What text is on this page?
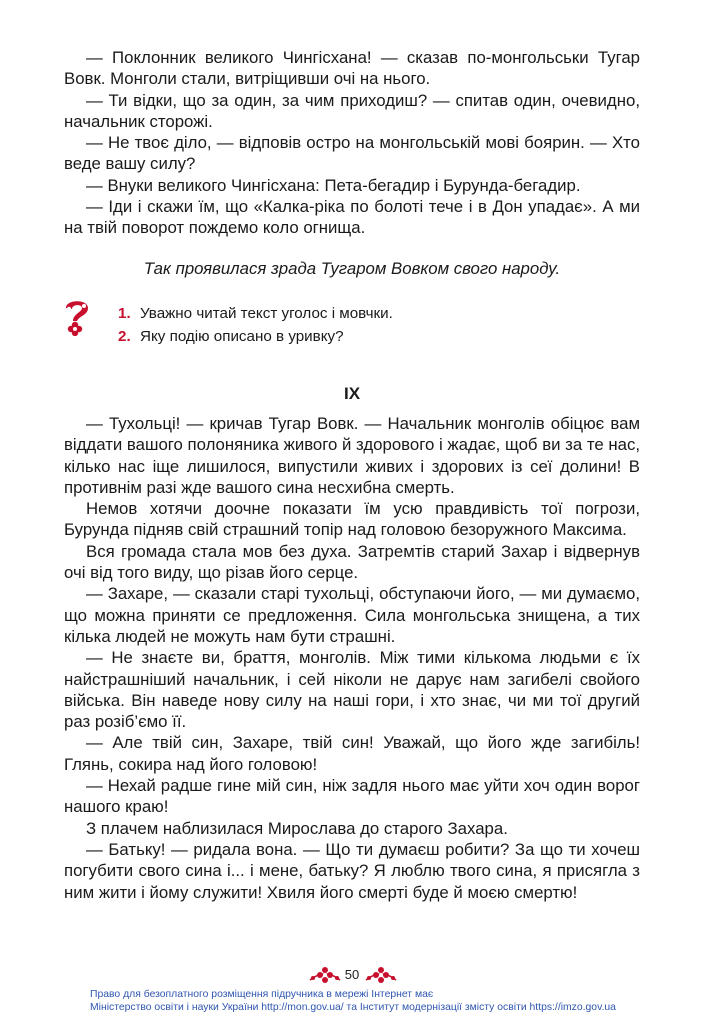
— Поклонник великого Чингісхана! — сказав по-монгольськи Тугар Вовк. Монголи стали, витріщивши очі на нього.

— Ти відки, що за один, за чим приходиш? — спитав один, очевидно, начальник сторожі.

— Не твоє діло, — відповів остро на монгольській мові боярин. — Хто веде вашу силу?

— Внуки великого Чингісхана: Пета-бегадир і Бурунда-бегадир.

— Іди і скажи їм, що «Калка-ріка по болоті тече і в Дон упадає». А ми на твій поворот пождемо коло огнища.

Так проявилася зрада Тугаром Вовком свого народу.
1. Уважно читай текст уголос і мовчки.
2. Яку подію описано в уривку?
IX

— Тухольці! — кричав Тугар Вовк. — Начальник монголів обіцює вам віддати вашого полоняника живого й здорового і жадає, щоб ви за те нас, кілько нас іще лишилося, випустили живих і здорових із сеї долини! В противнім разі жде вашого сина несхибна смерть.

Немов хотячи доочне показати їм усю правдивість тої погрози, Бурунда підняв свій страшний топір над головою безоружного Максима.

Вся громада стала мов без духа. Затремтів старий Захар і відвернув очі від того виду, що різав його серце.

— Захаре, — сказали старі тухольці, обступаючи його, — ми думаємо, що можна приняти се предложення. Сила монгольська знищена, а тих кілька людей не можуть нам бути страшні.

— Не знаєте ви, браття, монголів. Між тими кількома людьми є їх найстрашніший начальник, і сей ніколи не дарує нам загибелі свойого війська. Він наведе нову силу на наші гори, і хто знає, чи ми тої другий раз розіб’ємо її.

— Але твій син, Захаре, твій син! Уважай, що його жде загибіль! Глянь, сокира над його головою!

— Нехай радше гине мій син, ніж задля нього має уйти хоч один ворог нашого краю!

З плачем наблизилася Мирослава до старого Захара.

— Батьку! — ридала вона. — Що ти думаєш робити? За що ти хочеш погубити свого сина і... і мене, батьку? Я люблю твого сина, я присягла з ним жити і йому служити! Хвиля його смерті буде й моєю смертю!

50
Право для безоплатного розміщення підручника в мережі Інтернет має
Міністерство освіти і науки України http://mon.gov.ua/ та Інститут модернізації змісту освіти https://imzo.gov.ua
